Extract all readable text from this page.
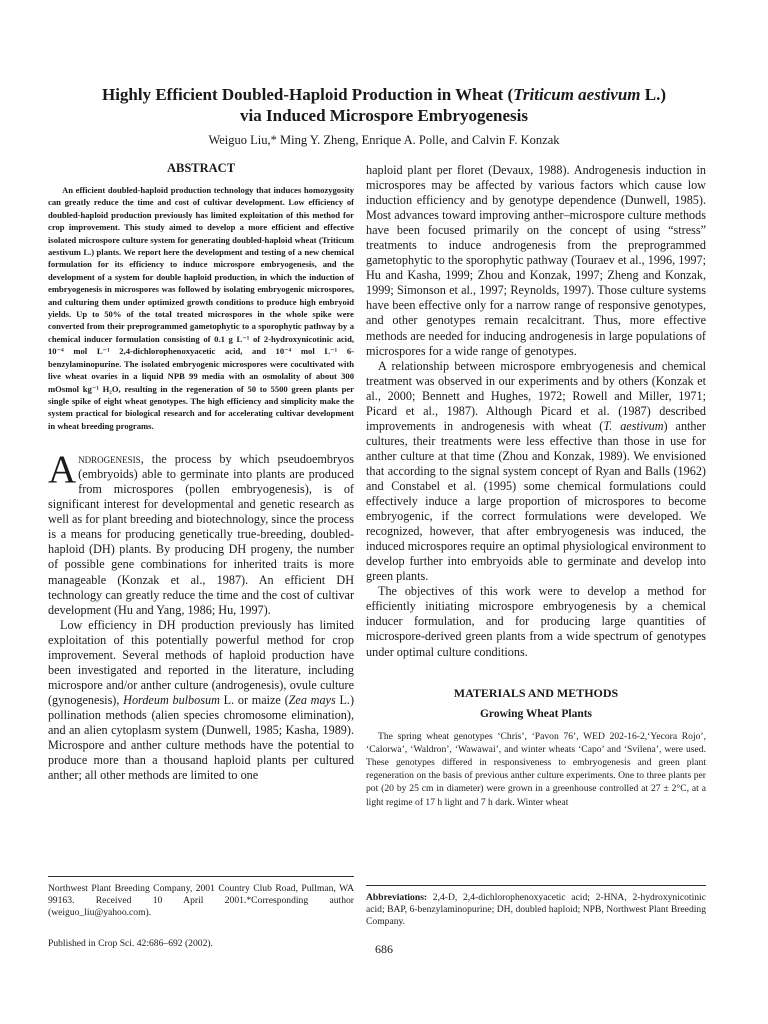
Highly Efficient Doubled-Haploid Production in Wheat (Triticum aestivum L.)
via Induced Microspore Embryogenesis
Weiguo Liu,* Ming Y. Zheng, Enrique A. Polle, and Calvin F. Konzak
ABSTRACT

An efficient doubled-haploid production technology that induces homozygosity can greatly reduce the time and cost of cultivar development. Low efficiency of doubled-haploid production previously has limited exploitation of this method for crop improvement. This study aimed to develop a more efficient and effective isolated microspore culture system for generating doubled-haploid wheat (Triticum aestivum L.) plants. We report here the development and testing of a new chemical formulation for its efficiency to induce microspore embryogenesis, and the development of a system for double haploid production, in which the induction of embryogenesis in microspores was followed by isolating embryogenic microspores, and culturing them under optimized growth conditions to produce high embryoid yields. Up to 50% of the total treated microspores in the whole spike were converted from their preprogrammed gametophytic to a sporophytic pathway by a chemical inducer formulation consisting of 0.1 g L⁻¹ of 2-hydroxynicotinic acid, 10⁻⁴ mol L⁻¹ 2,4-dichlorophenoxyacetic acid, and 10⁻⁴ mol L⁻¹ 6-benzylaminopurine. The isolated embryogenic microspores were cocultivated with live wheat ovaries in a liquid NPB 99 media with an osmolality of about 300 mOsmol kg⁻¹ H₂O, resulting in the regeneration of 50 to 5500 green plants per single spike of eight wheat genotypes. The high efficiency and simplicity make the system practical for biological research and for accelerating cultivar development in wheat breeding programs.

Androgenesis, the process by which pseudoembryos (embryoids) able to germinate into plants are produced from microspores (pollen embryogenesis), is of significant interest for developmental and genetic research as well as for plant breeding and biotechnology, since the process is a means for producing genetically true-breeding, doubled-haploid (DH) plants. By producing DH progeny, the number of possible gene combinations for inherited traits is more manageable (Konzak et al., 1987). An efficient DH technology can greatly reduce the time and the cost of cultivar development (Hu and Yang, 1986; Hu, 1997).

Low efficiency in DH production previously has limited exploitation of this potentially powerful method for crop improvement. Several methods of haploid production have been investigated and reported in the literature, including microspore and/or anther culture (androgenesis), ovule culture (gynogenesis), Hordeum bulbosum L. or maize (Zea mays L.) pollination methods (alien species chromosome elimination), and an alien cytoplasm system (Dunwell, 1985; Kasha, 1989). Microspore and anther culture methods have the potential to produce more than a thousand haploid plants per cultured anther; all other methods are limited to one

haploid plant per floret (Devaux, 1988). Androgenesis induction in microspores may be affected by various factors which cause low induction efficiency and by genotype dependence (Dunwell, 1985). Most advances toward improving anther–microspore culture methods have been focused primarily on the concept of using “stress” treatments to induce androgenesis from the preprogrammed gametophytic to the sporophytic pathway (Touraev et al., 1996, 1997; Hu and Kasha, 1999; Zhou and Konzak, 1997; Zheng and Konzak, 1999; Simonson et al., 1997; Reynolds, 1997). Those culture systems have been effective only for a narrow range of responsive genotypes, and other genotypes remain recalcitrant. Thus, more effective methods are needed for inducing androgenesis in large populations of microspores for a wide range of genotypes.

A relationship between microspore embryogenesis and chemical treatment was observed in our experiments and by others (Konzak et al., 2000; Bennett and Hughes, 1972; Rowell and Miller, 1971; Picard et al., 1987). Although Picard et al. (1987) described improvements in androgenesis with wheat (T. aestivum) anther cultures, their treatments were less effective than those in use for anther culture at that time (Zhou and Konzak, 1989). We envisioned that according to the signal system concept of Ryan and Balls (1962) and Constabel et al. (1995) some chemical formulations could effectively induce a large proportion of microspores to become embryogenic, if the correct formulations were developed. We recognized, however, that after embryogenesis was induced, the induced microspores require an optimal physiological environment to develop further into embryoids able to germinate and develop into green plants.

The objectives of this work were to develop a method for efficiently initiating microspore embryogenesis by a chemical inducer formulation, and for producing large quantities of microspore-derived green plants from a wide spectrum of genotypes under optimal culture conditions.

MATERIALS AND METHODS
Growing Wheat Plants

The spring wheat genotypes ‘Chris’, ‘Pavon 76’, WED 202-16-2,‘Yecora Rojo’, ‘Calorwa’, ‘Waldron’, ‘Wawawai’, and winter wheats ‘Capo’ and ‘Svilena’, were used. These genotypes differed in responsiveness to embryogenesis and green plant regeneration on the basis of previous anther culture experiments. One to three plants per pot (20 by 25 cm in diameter) were grown in a greenhouse controlled at 27 ± 2°C, at a light regime of 17 h light and 7 h dark. Winter wheat

Northwest Plant Breeding Company, 2001 Country Club Road, Pullman, WA 99163. Received 10 April 2001.*Corresponding author (weiguo_liu@yahoo.com).

Published in Crop Sci. 42:686–692 (2002).

Abbreviations: 2,4-D, 2,4-dichlorophenoxyacetic acid; 2-HNA, 2-hydroxynicotinic acid; BAP, 6-benzylaminopurine; DH, doubled haploid; NPB, Northwest Plant Breeding Company.

686
